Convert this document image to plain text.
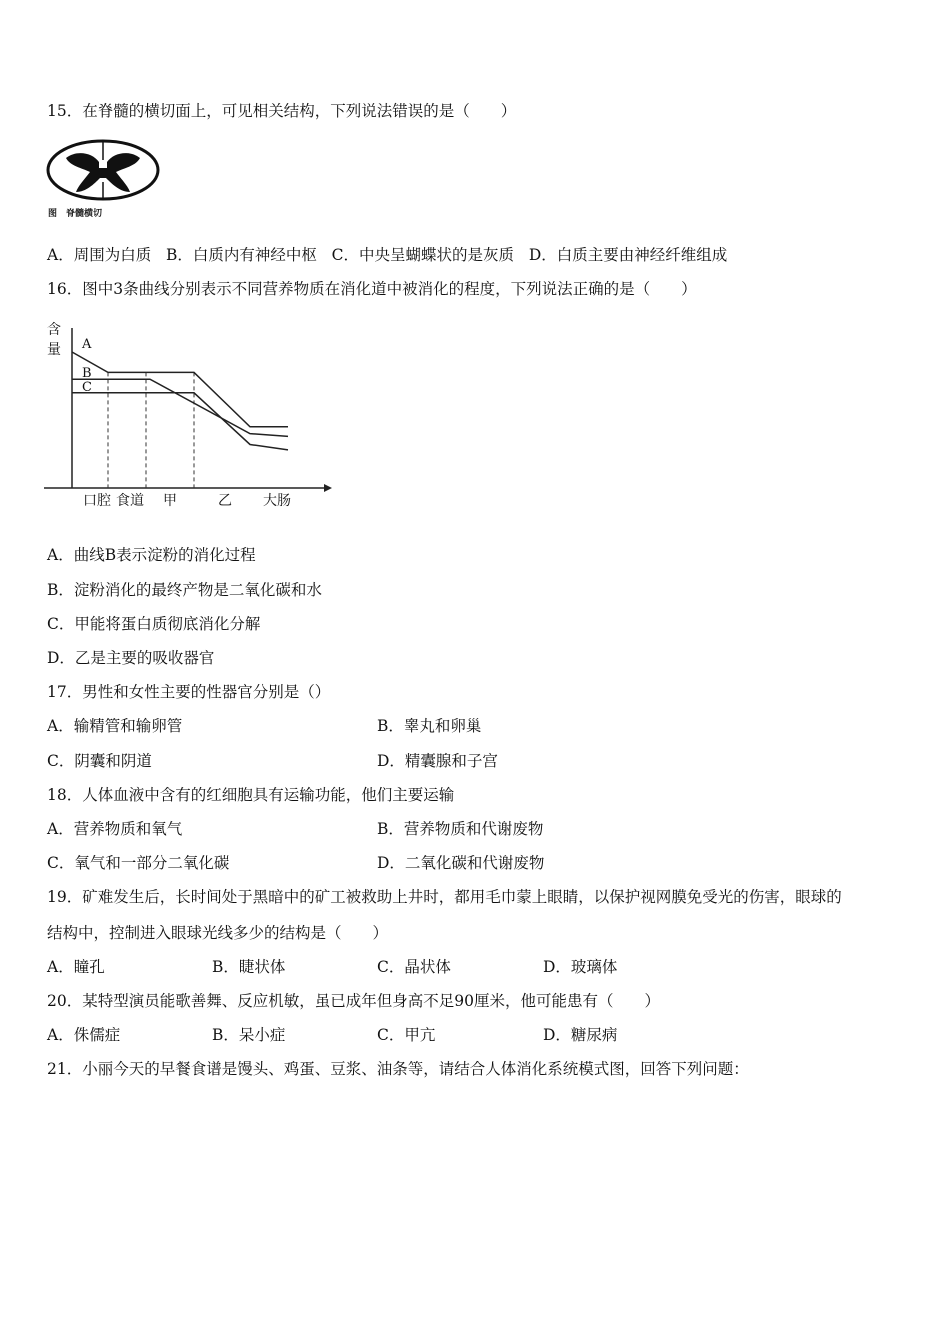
15．在脊髓的横切面上，可见相关结构，下列说法错误的是（　　）
图　脊髓横切
A．周围为白质 B．白质内有神经中枢 C．中央呈蝴蝶状的是灰质 D．白质主要由神经纤维组成
16．图中3条曲线分别表示不同营养物质在消化道中被消化的程度，下列说法正确的是（　　）
含
量 A
B
C
口腔 食道 甲	乙 大肠
A．曲线B表示淀粉的消化过程
B．淀粉消化的最终产物是二氧化碳和水
C．甲能将蛋白质彻底消化分解
D．乙是主要的吸收器官
17．男性和女性主要的性器官分别是（）
A．输精管和输卵管	B．睾丸和卵巢
C．阴囊和阴道	D．精囊腺和子宫
18．人体血液中含有的红细胞具有运输功能，他们主要运输
A．营养物质和氧气	B．营养物质和代谢废物
C．氧气和一部分二氧化碳	D．二氧化碳和代谢废物
19．矿难发生后，长时间处于黑暗中的矿工被救助上井时，都用毛巾蒙上眼睛，以保护视网膜免受光的伤害，眼球的
结构中，控制进入眼球光线多少的结构是（　　）
A．瞳孔	B．睫状体	C．晶状体	D．玻璃体
20．某特型演员能歌善舞、反应机敏，虽已成年但身高不足90厘米，他可能患有（　　）
A．侏儒症	B．呆小症	C．甲亢	D．糖尿病
21．小丽今天的早餐食谱是馒头、鸡蛋、豆浆、油条等，请结合人体消化系统模式图，回答下列问题：
